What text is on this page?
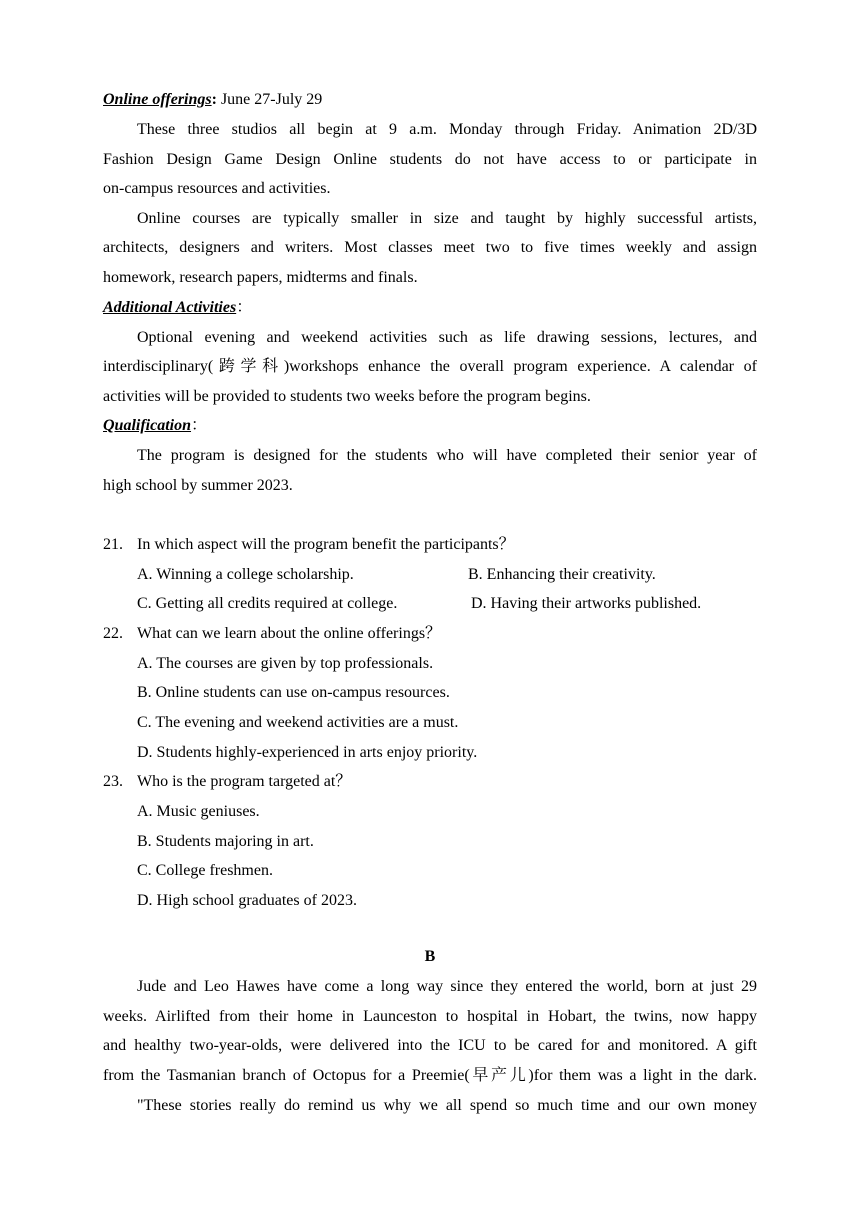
Online offerings: June 27-July 29
These three studios all begin at 9 a.m. Monday through Friday. Animation 2D/3D
Fashion Design Game Design Online students do not have access to or participate in
on-campus resources and activities.
Online courses are typically smaller in size and taught by highly successful artists,
architects, designers and writers. Most classes meet two to five times weekly and assign
homework, research papers, midterms and finals.
Additional Activities：
Optional evening and weekend activities such as life drawing sessions, lectures, and
interdisciplinary(跨学科)workshops enhance the overall program experience. A calendar of
activities will be provided to students two weeks before the program begins.
Qualification：
The program is designed for the students who will have completed their senior year of
high school by summer 2023.
21. In which aspect will the program benefit the participants？
A. Winning a college scholarship.	B. Enhancing their creativity.
C. Getting all credits required at college.	D. Having their artworks published.
22. What can we learn about the online offerings？
A. The courses are given by top professionals.
B. Online students can use on-campus resources.
C. The evening and weekend activities are a must.
D. Students highly-experienced in arts enjoy priority.
23. Who is the program targeted at？
A. Music geniuses.
B. Students majoring in art.
C. College freshmen.
D. High school graduates of 2023.
B
Jude and Leo Hawes have come a long way since they entered the world, born at just 29
weeks. Airlifted from their home in Launceston to hospital in Hobart, the twins, now happy
and healthy two-year-olds, were delivered into the ICU to be cared for and monitored. A gift
from the Tasmanian branch of Octopus for a Preemie(早产儿)for them was a light in the dark.
"These stories really do remind us why we all spend so much time and our own money
